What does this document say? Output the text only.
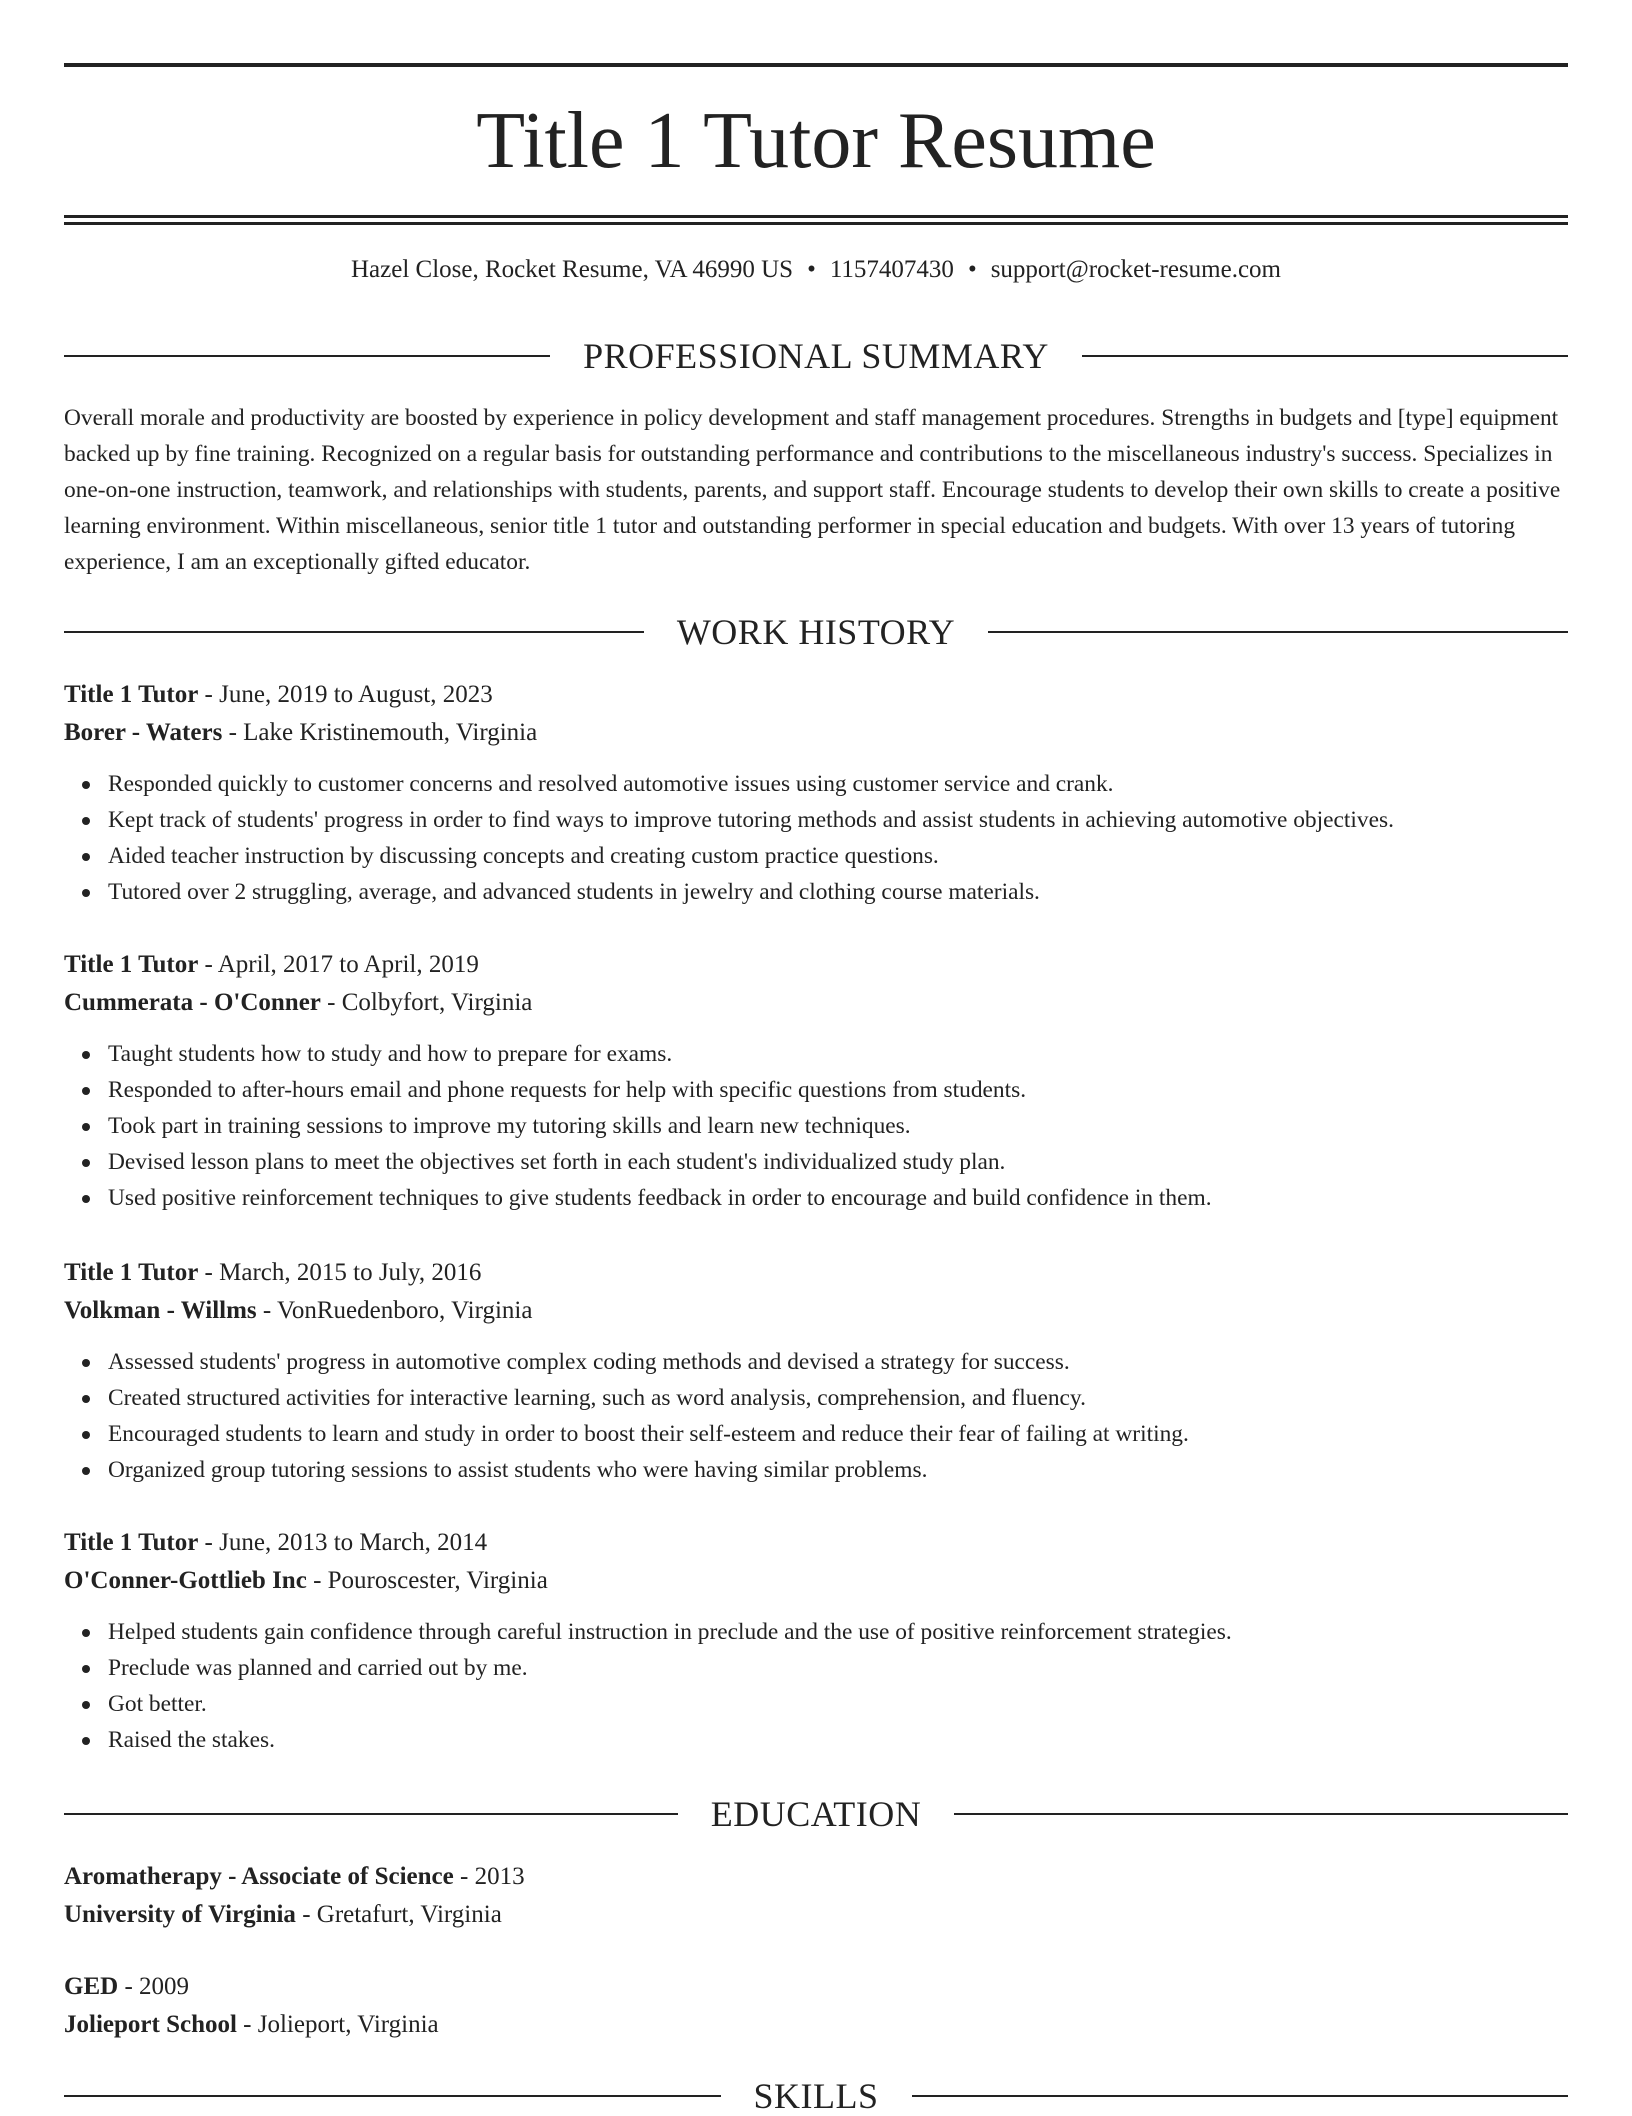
Title 1 Tutor Resume
Hazel Close, Rocket Resume, VA 46990 US • 1157407430 • support@rocket-resume.com
PROFESSIONAL SUMMARY

Overall morale and productivity are boosted by experience in policy development and staff management procedures. Strengths in budgets and [type] equipment backed up by fine training. Recognized on a regular basis for outstanding performance and contributions to the miscellaneous industry's success. Specializes in one-on-one instruction, teamwork, and relationships with students, parents, and support staff. Encourage students to develop their own skills to create a positive learning environment. Within miscellaneous, senior title 1 tutor and outstanding performer in special education and budgets. With over 13 years of tutoring experience, I am an exceptionally gifted educator.

WORK HISTORY

Title 1 Tutor - June, 2019 to August, 2023

Borer - Waters - Lake Kristinemouth, Virginia

Responded quickly to customer concerns and resolved automotive issues using customer service and crank.
Kept track of students' progress in order to find ways to improve tutoring methods and assist students in achieving automotive objectives.
Aided teacher instruction by discussing concepts and creating custom practice questions.
Tutored over 2 struggling, average, and advanced students in jewelry and clothing course materials.

Title 1 Tutor - April, 2017 to April, 2019

Cummerata - O'Conner - Colbyfort, Virginia

Taught students how to study and how to prepare for exams.
Responded to after-hours email and phone requests for help with specific questions from students.
Took part in training sessions to improve my tutoring skills and learn new techniques.
Devised lesson plans to meet the objectives set forth in each student's individualized study plan.
Used positive reinforcement techniques to give students feedback in order to encourage and build confidence in them.

Title 1 Tutor - March, 2015 to July, 2016

Volkman - Willms - VonRuedenboro, Virginia

Assessed students' progress in automotive complex coding methods and devised a strategy for success.
Created structured activities for interactive learning, such as word analysis, comprehension, and fluency.
Encouraged students to learn and study in order to boost their self-esteem and reduce their fear of failing at writing.
Organized group tutoring sessions to assist students who were having similar problems.

Title 1 Tutor - June, 2013 to March, 2014

O'Conner-Gottlieb Inc - Pouroscester, Virginia

Helped students gain confidence through careful instruction in preclude and the use of positive reinforcement strategies.
Preclude was planned and carried out by me.
Got better.
Raised the stakes.
EDUCATION

Aromatherapy - Associate of Science - 2013

University of Virginia - Gretafurt, Virginia

GED - 2009

Jolieport School - Jolieport, Virginia

SKILLS
